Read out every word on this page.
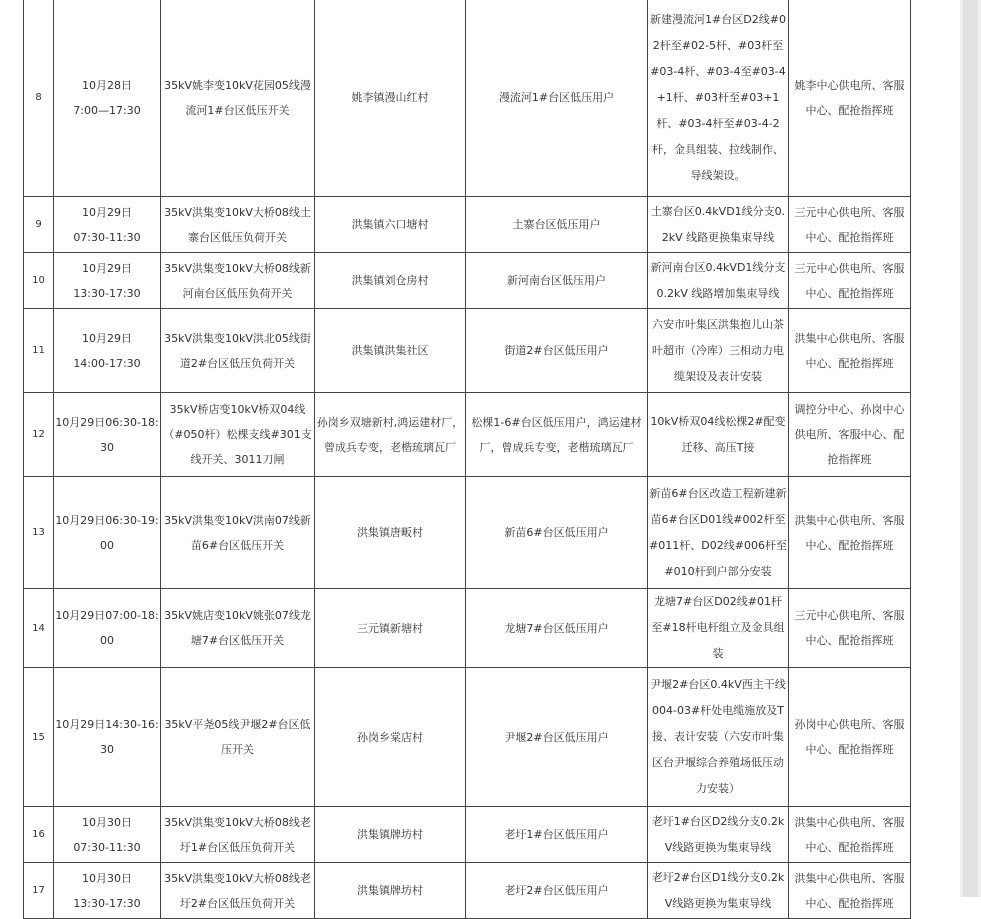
8	10月28日
7:00—17:30	35kV姚李变10kV花园05线漫流河1#台区低压开关	姚李镇漫山红村	漫流河1#台区低压用户	新建漫流河1#台区D2线#02杆至#02-5杆、#03杆至#03-4杆、#03-4至#03-4+1杆、#03杆至#03+1杆、#03-4杆至#03-4-2杆，金具组装、拉线制作、导线架设。	姚李中心供电所、客服中心、配抢指挥班
9	10月29日
07:30-11:30	35kV洪集变10kV大桥08线土寨台区低压负荷开关	洪集镇六口塘村	土寨台区低压用户	土寨台区0.4kVD1线分支0.2kV 线路更换集束导线	三元中心供电所、客服中心、配抢指挥班
10	10月29日
13:30-17:30	35kV洪集变10kV大桥08线新河南台区低压负荷开关	洪集镇刘仓房村	新河南台区低压用户	新河南台区0.4kVD1线分支0.2kV 线路增加集束导线	三元中心供电所、客服中心、配抢指挥班
11	10月29日
14:00-17:30	35kV洪集变10kV洪北05线街道2#台区低压负荷开关	洪集镇洪集社区	街道2#台区低压用户	六安市叶集区洪集抱儿山茶叶超市（冷库）三相动力电缆架设及表计安装	洪集中心供电所、客服中心、配抢指挥班
12	10月29日06:30-18:30	35kV桥店变10kV桥双04线（#050杆）松棵支线#301支线开关、3011刀闸	孙岗乡双塘新村,鸿运建材厂，曾成兵专变，老楷琉璃瓦厂	松棵1-6#台区低压用户，鸿运建材厂，曾成兵专变，老楷琉璃瓦厂	10kV桥双04线松棵2#配变迁移、高压T接	调控分中心、孙岗中心供电所、客服中心、配抢指挥班
13	10月29日06:30-19:00	35kV洪集变10kV洪南07线新苗6#台区低压开关	洪集镇唐畈村	新苗6#台区低压用户	新苗6#台区改造工程新建新苗6#台区D01线#002杆至#011杆、D02线#006杆至#010杆到户部分安装	洪集中心供电所、客服中心、配抢指挥班
14	10月29日07:00-18:00	35kV姚店变10kV姚张07线龙塘7#台区低压开关	三元镇新塘村	龙塘7#台区低压用户	龙塘7#台区D02线#01杆至#18杆电杆组立及金具组装	三元中心供电所、客服中心、配抢指挥班
15	10月29日14:30-16:30	35kV平尧05线尹堰2#台区低压开关	孙岗乡棠店村	尹堰2#台区低压用户	尹堰2#台区0.4kV西主干线004-03#杆处电缆施放及T接、表计安装（六安市叶集区台尹堰综合养殖场低压动力安装）	孙岗中心供电所、客服中心、配抢指挥班
16	10月30日
07:30-11:30	35kV洪集变10kV大桥08线老圩1#台区低压负荷开关	洪集镇牌坊村	老圩1#台区低压用户	老圩1#台区D2线分支0.2kV线路更换为集束导线	洪集中心供电所、客服中心、配抢指挥班
17	10月30日
13:30-17:30	35kV洪集变10kV大桥08线老圩2#台区低压负荷开关	洪集镇牌坊村	老圩2#台区低压用户	老圩2#台区D1线分支0.2kV线路更换为集束导线	洪集中心供电所、客服中心、配抢指挥班
